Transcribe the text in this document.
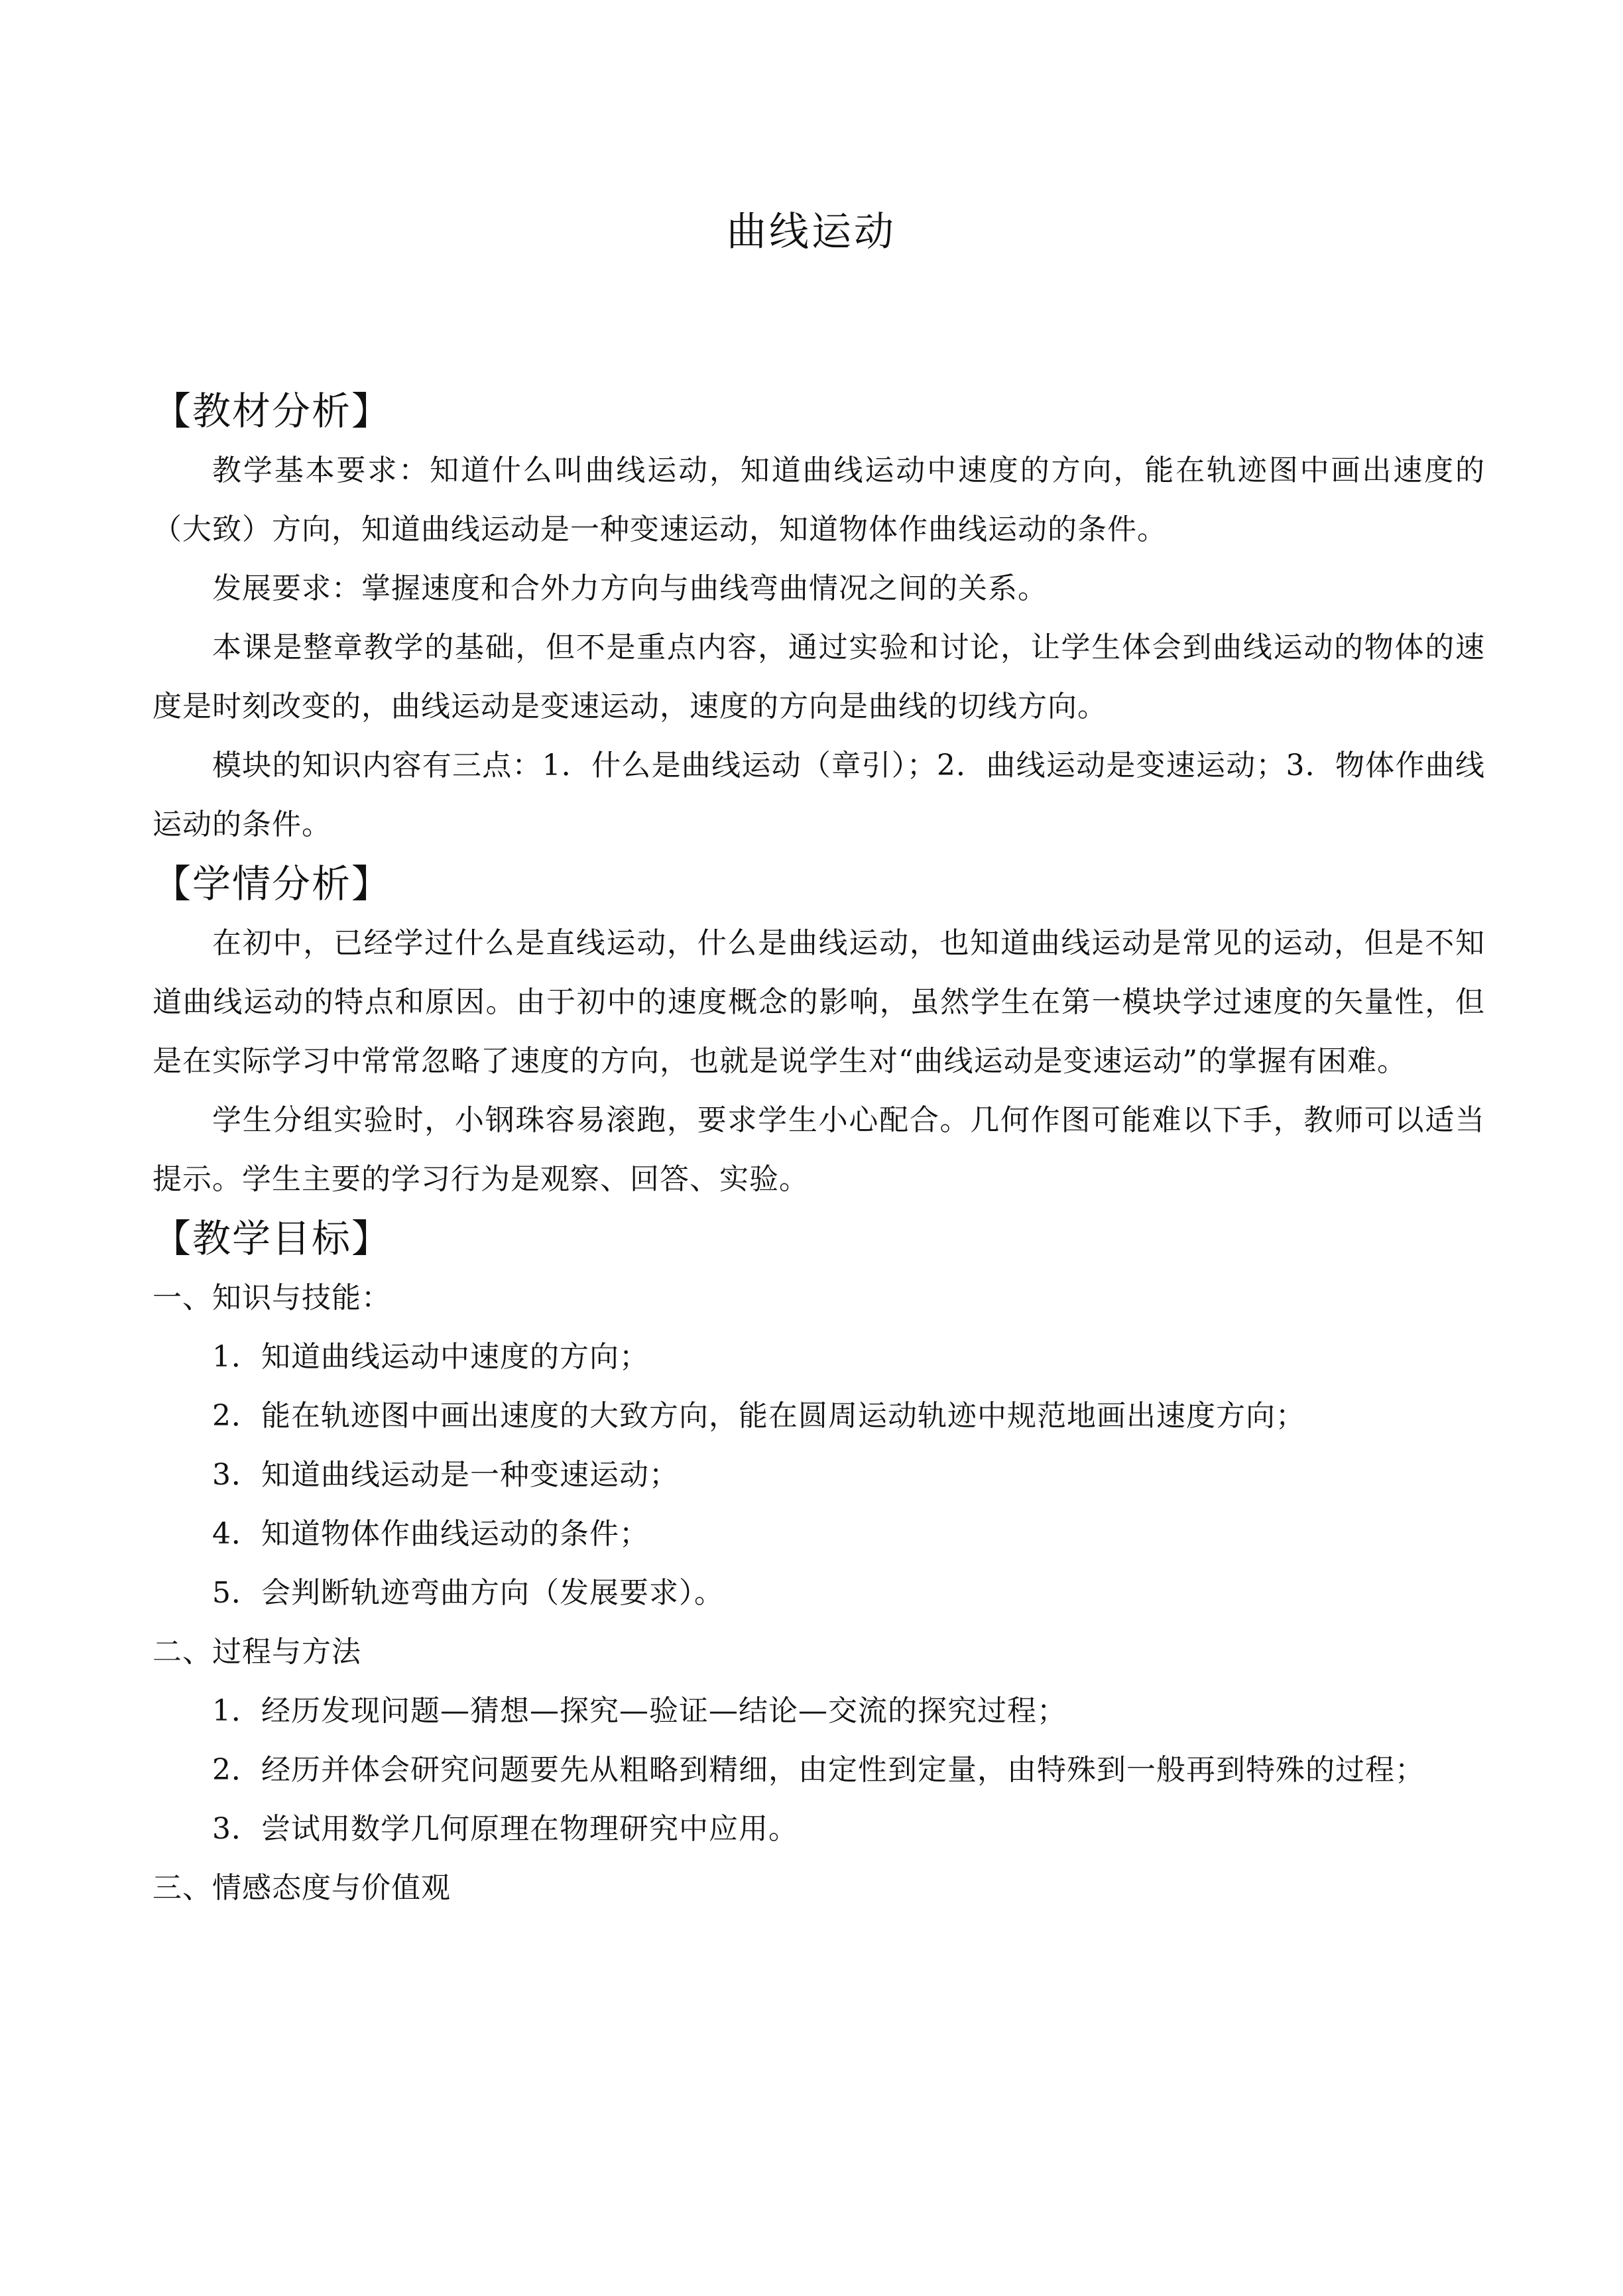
曲线运动
【教材分析】
教学基本要求：知道什么叫曲线运动，知道曲线运动中速度的方向，能在轨迹图中画出速度的（大致）方向，知道曲线运动是一种变速运动，知道物体作曲线运动的条件。
发展要求：掌握速度和合外力方向与曲线弯曲情况之间的关系。
本课是整章教学的基础，但不是重点内容，通过实验和讨论，让学生体会到曲线运动的物体的速度是时刻改变的，曲线运动是变速运动，速度的方向是曲线的切线方向。
模块的知识内容有三点：1．什么是曲线运动（章引）；2．曲线运动是变速运动；3．物体作曲线运动的条件。
【学情分析】
在初中，已经学过什么是直线运动，什么是曲线运动，也知道曲线运动是常见的运动，但是不知道曲线运动的特点和原因。由于初中的速度概念的影响，虽然学生在第一模块学过速度的矢量性，但是在实际学习中常常忽略了速度的方向，也就是说学生对“曲线运动是变速运动”的掌握有困难。
学生分组实验时，小钢珠容易滚跑，要求学生小心配合。几何作图可能难以下手，教师可以适当提示。学生主要的学习行为是观察、回答、实验。
【教学目标】
一、知识与技能：
1．知道曲线运动中速度的方向；
2．能在轨迹图中画出速度的大致方向，能在圆周运动轨迹中规范地画出速度方向；
3．知道曲线运动是一种变速运动；
4．知道物体作曲线运动的条件；
5．会判断轨迹弯曲方向（发展要求）。
二、过程与方法
1．经历发现问题—猜想—探究—验证—结论—交流的探究过程；
2．经历并体会研究问题要先从粗略到精细，由定性到定量，由特殊到一般再到特殊的过程；
3．尝试用数学几何原理在物理研究中应用。
三、情感态度与价值观
